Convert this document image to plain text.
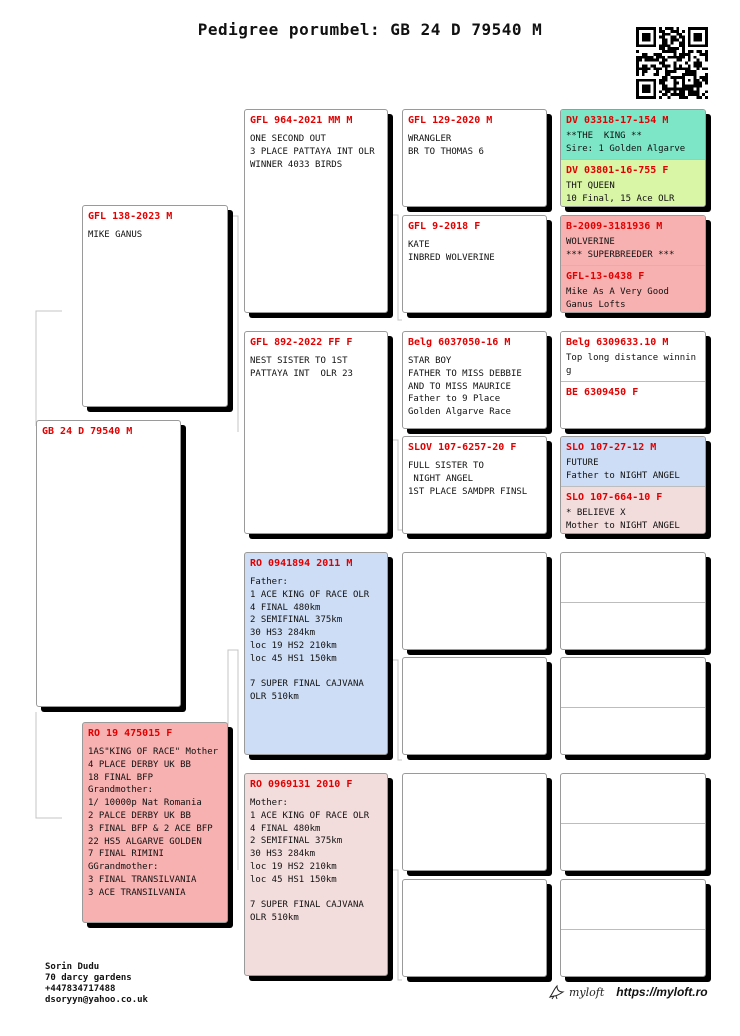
Pedigree porumbel: GB 24 D 79540 M
GB 24 D 79540 M
GFL 138-2023 M
MIKE GANUS
RO 19 475015 F
1AS"KING OF RACE" Mother
4 PLACE DERBY UK BB
18 FINAL BFP
Grandmother:
1/ 10000p Nat Romania
2 PALCE DERBY UK BB
3 FINAL BFP & 2 ACE BFP
22 HS5 ALGARVE GOLDEN
7 FINAL RIMINI
GGrandmother:
3 FINAL TRANSILVANIA
3 ACE TRANSILVANIA
GFL 964-2021 MM M
ONE SECOND OUT
3 PLACE PATTAYA INT OLR
WINNER 4033 BIRDS
GFL 892-2022 FF F
NEST SISTER TO 1ST
PATTAYA INT  OLR 23
RO 0941894 2011 M
Father:
1 ACE KING OF RACE OLR
4 FINAL 480km
2 SEMIFINAL 375km
30 HS3 284km
loc 19 HS2 210km
loc 45 HS1 150km

7 SUPER FINAL CAJVANA
OLR 510km
RO 0969131 2010 F
Mother:
1 ACE KING OF RACE OLR
4 FINAL 480km
2 SEMIFINAL 375km
30 HS3 284km
loc 19 HS2 210km
loc 45 HS1 150km

7 SUPER FINAL CAJVANA
OLR 510km
GFL 129-2020 M
WRANGLER
BR TO THOMAS 6
GFL 9-2018 F
KATE
INBRED WOLVERINE
Belg 6037050-16 M
STAR BOY
FATHER TO MISS DEBBIE
AND TO MISS MAURICE
Father to 9 Place
Golden Algarve Race
SLOV 107-6257-20 F
FULL SISTER TO
NIGHT ANGEL
1ST PLACE SAMDPR FINSL
DV 03318-17-154 M
**THE  KING **
Sire: 1 Golden Algarve
DV 03801-16-755 F
THT QUEEN
10 Final, 15 Ace OLR
B-2009-3181936 M
WOLVERINE
*** SUPERBREEDER ***
GFL-13-0438 F
Mike As A Very Good
Ganus Lofts
Belg 6309633.10 M
Top long distance winning
BE 6309450 F
SLO 107-27-12 M
FUTURE
Father to NIGHT ANGEL
SLO 107-664-10 F
* BELIEVE X
Mother to NIGHT ANGEL
Sorin Dudu
70 darcy gardens
+447834717488
dsoryyn@yahoo.co.uk
myloft https://myloft.ro
